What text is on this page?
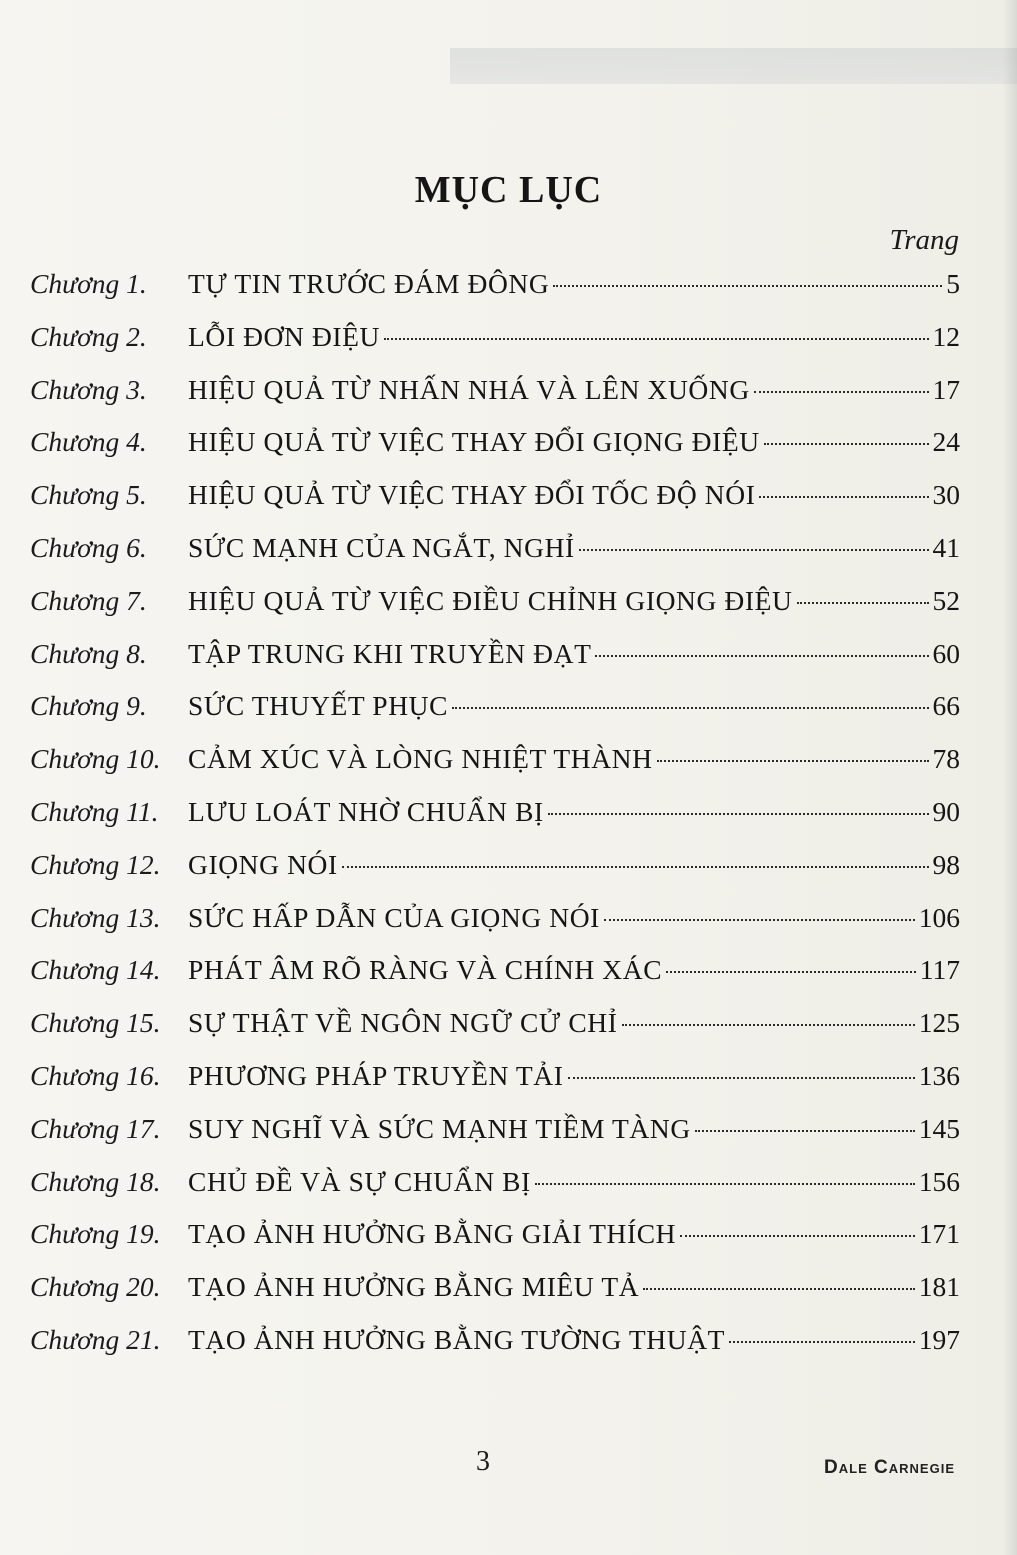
MỤC LỤC
Trang
Chương 1.	TỰ TIN TRƯỚC ĐÁM ĐÔNG	5
Chương 2.	LỖI ĐƠN ĐIỆU	12
Chương 3.	HIỆU QUẢ TỪ NHẤN NHÁ VÀ LÊN XUỐNG	17
Chương 4.	HIỆU QUẢ TỪ VIỆC THAY ĐỔI GIỌNG ĐIỆU	24
Chương 5.	HIỆU QUẢ TỪ VIỆC THAY ĐỔI TỐC ĐỘ NÓI	30
Chương 6.	SỨC MẠNH CỦA NGẮT, NGHỈ	41
Chương 7.	HIỆU QUẢ TỪ VIỆC ĐIỀU CHỈNH GIỌNG ĐIỆU	52
Chương 8.	TẬP TRUNG KHI TRUYỀN ĐẠT	60
Chương 9.	SỨC THUYẾT PHỤC	66
Chương 10. CẢM XÚC VÀ LÒNG NHIỆT THÀNH	78
Chương 11.	LƯU LOÁT NHỜ CHUẨN BỊ	90
Chương 12. GIỌNG NÓI	98
Chương 13. SỨC HẤP DẪN CỦA GIỌNG NÓI	106
Chương 14. PHÁT ÂM RÕ RÀNG VÀ CHÍNH XÁC	117
Chương 15. SỰ THẬT VỀ NGÔN NGỮ CỬ CHỈ	125
Chương 16. PHƯƠNG PHÁP TRUYỀN TẢI	136
Chương 17. SUY NGHĨ VÀ SỨC MẠNH TIỀM TÀNG	145
Chương 18. CHỦ ĐỀ VÀ SỰ CHUẨN BỊ	156
Chương 19. TẠO ẢNH HƯỞNG BẰNG GIẢI THÍCH	171
Chương 20. TẠO ẢNH HƯỞNG BẰNG MIÊU TẢ	181
Chương 21. TẠO ẢNH HƯỞNG BẰNG TƯỜNG THUẬT	197
3	Dale Carnegie
